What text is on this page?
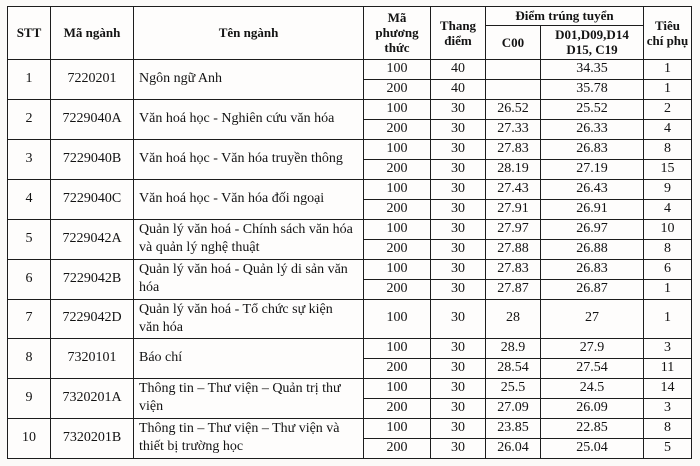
STT	Mã ngành	Tên ngành	Mã phương thức	Thang điểm	Điểm trúng tuyển		Tiêu chí phụ
					C00	D01,D09,D14 D15, C19	
1	7220201	Ngôn ngữ Anh	100	40		34.35	1
			200	40		35.78	1
2	7229040A	Văn hoá học - Nghiên cứu văn hóa	100	30	26.52	25.52	2
			200	30	27.33	26.33	4
3	7229040B	Văn hoá học - Văn hóa truyền thông	100	30	27.83	26.83	8
			200	30	28.19	27.19	15
4	7229040C	Văn hoá học - Văn hóa đối ngoại	100	30	27.43	26.43	9
			200	30	27.91	26.91	4
5	7229042A	Quản lý văn hoá - Chính sách văn hóa và quản lý nghệ thuật	100	30	27.97	26.97	10
			200	30	27.88	26.88	8
6	7229042B	Quản lý văn hoá - Quản lý di sản văn hóa	100	30	27.83	26.83	6
			200	30	27.87	26.87	1
7	7229042D	Quản lý văn hoá - Tổ chức sự kiện văn hóa	100	30	28	27	1
8	7320101	Báo chí	100	30	28.9	27.9	3
			200	30	28.54	27.54	11
9	7320201A	Thông tin – Thư viện – Quản trị thư viện	100	30	25.5	24.5	14
			200	30	27.09	26.09	3
10	7320201B	Thông tin – Thư viện – Thư viện và thiết bị trường học	100	30	23.85	22.85	8
			200	30	26.04	25.04	5
